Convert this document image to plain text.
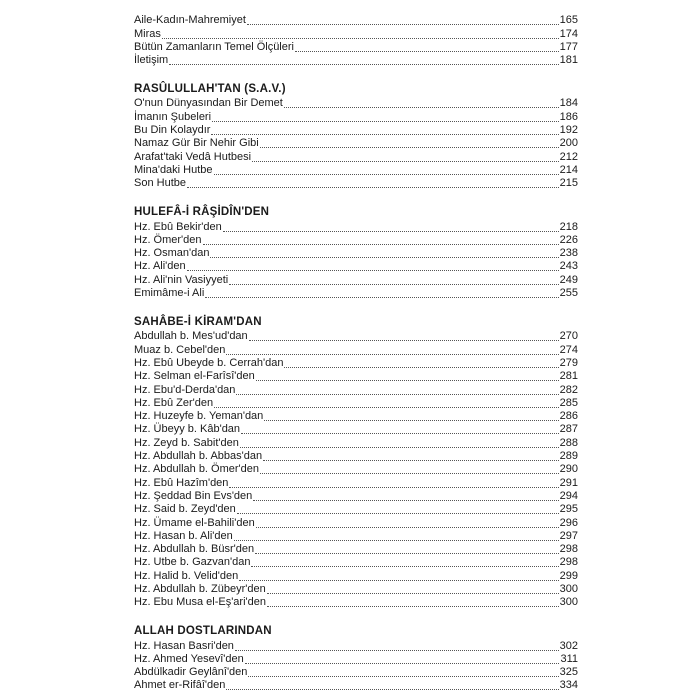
Aile-Kadın-Mahremiyet	165
Miras	174
Bütün Zamanların Temel Ölçüleri	177
İletişim	181
RASÛLULLAH'TAN (S.A.V.)
O'nun Dünyasından Bir Demet	184
İmanın Şubeleri	186
Bu Din Kolaydır	192
Namaz Gür Bir Nehir Gibi	200
Arafat'taki Vedâ Hutbesi	212
Mina'daki Hutbe	214
Son Hutbe	215
HULEFÂ-İ RÂŞİDÎN'DEN
Hz. Ebû Bekir'den	218
Hz. Ömer'den	226
Hz. Osman'dan	238
Hz. Ali'den	243
Hz. Ali'nin Vasiyyeti	249
Emimâme-i Ali	255
SAHÂBE-İ KİRAM'DAN
Abdullah b. Mes'ud'dan	270
Muaz b. Cebel'den	274
Hz. Ebû Ubeyde b. Cerrah'dan	279
Hz. Selman el-Farîsî'den	281
Hz. Ebu'd-Derda'dan	282
Hz. Ebû Zer'den	285
Hz. Huzeyfe b. Yeman'dan	286
Hz. Übeyy b. Kâb'dan	287
Hz. Zeyd b. Sabit'den	288
Hz. Abdullah b. Abbas'dan	289
Hz. Abdullah b. Ömer'den	290
Hz. Ebû Hazîm'den	291
Hz. Şeddad Bin Evs'den	294
Hz. Said b. Zeyd'den	295
Hz. Ümame el-Bahili'den	296
Hz. Hasan b. Ali'den	297
Hz. Abdullah b. Büsr'den	298
Hz. Utbe b. Gazvan'dan	298
Hz. Halid b. Velid'den	299
Hz. Abdullah b. Zübeyr'den	300
Hz. Ebu Musa el-Eş'ari'den	300
ALLAH DOSTLARINDAN
Hz. Hasan Basri'den	302
Hz. Ahmed Yesevî'den	311
Abdülkadir Geylânî'den	325
Ahmet er-Rifâî'den	334
